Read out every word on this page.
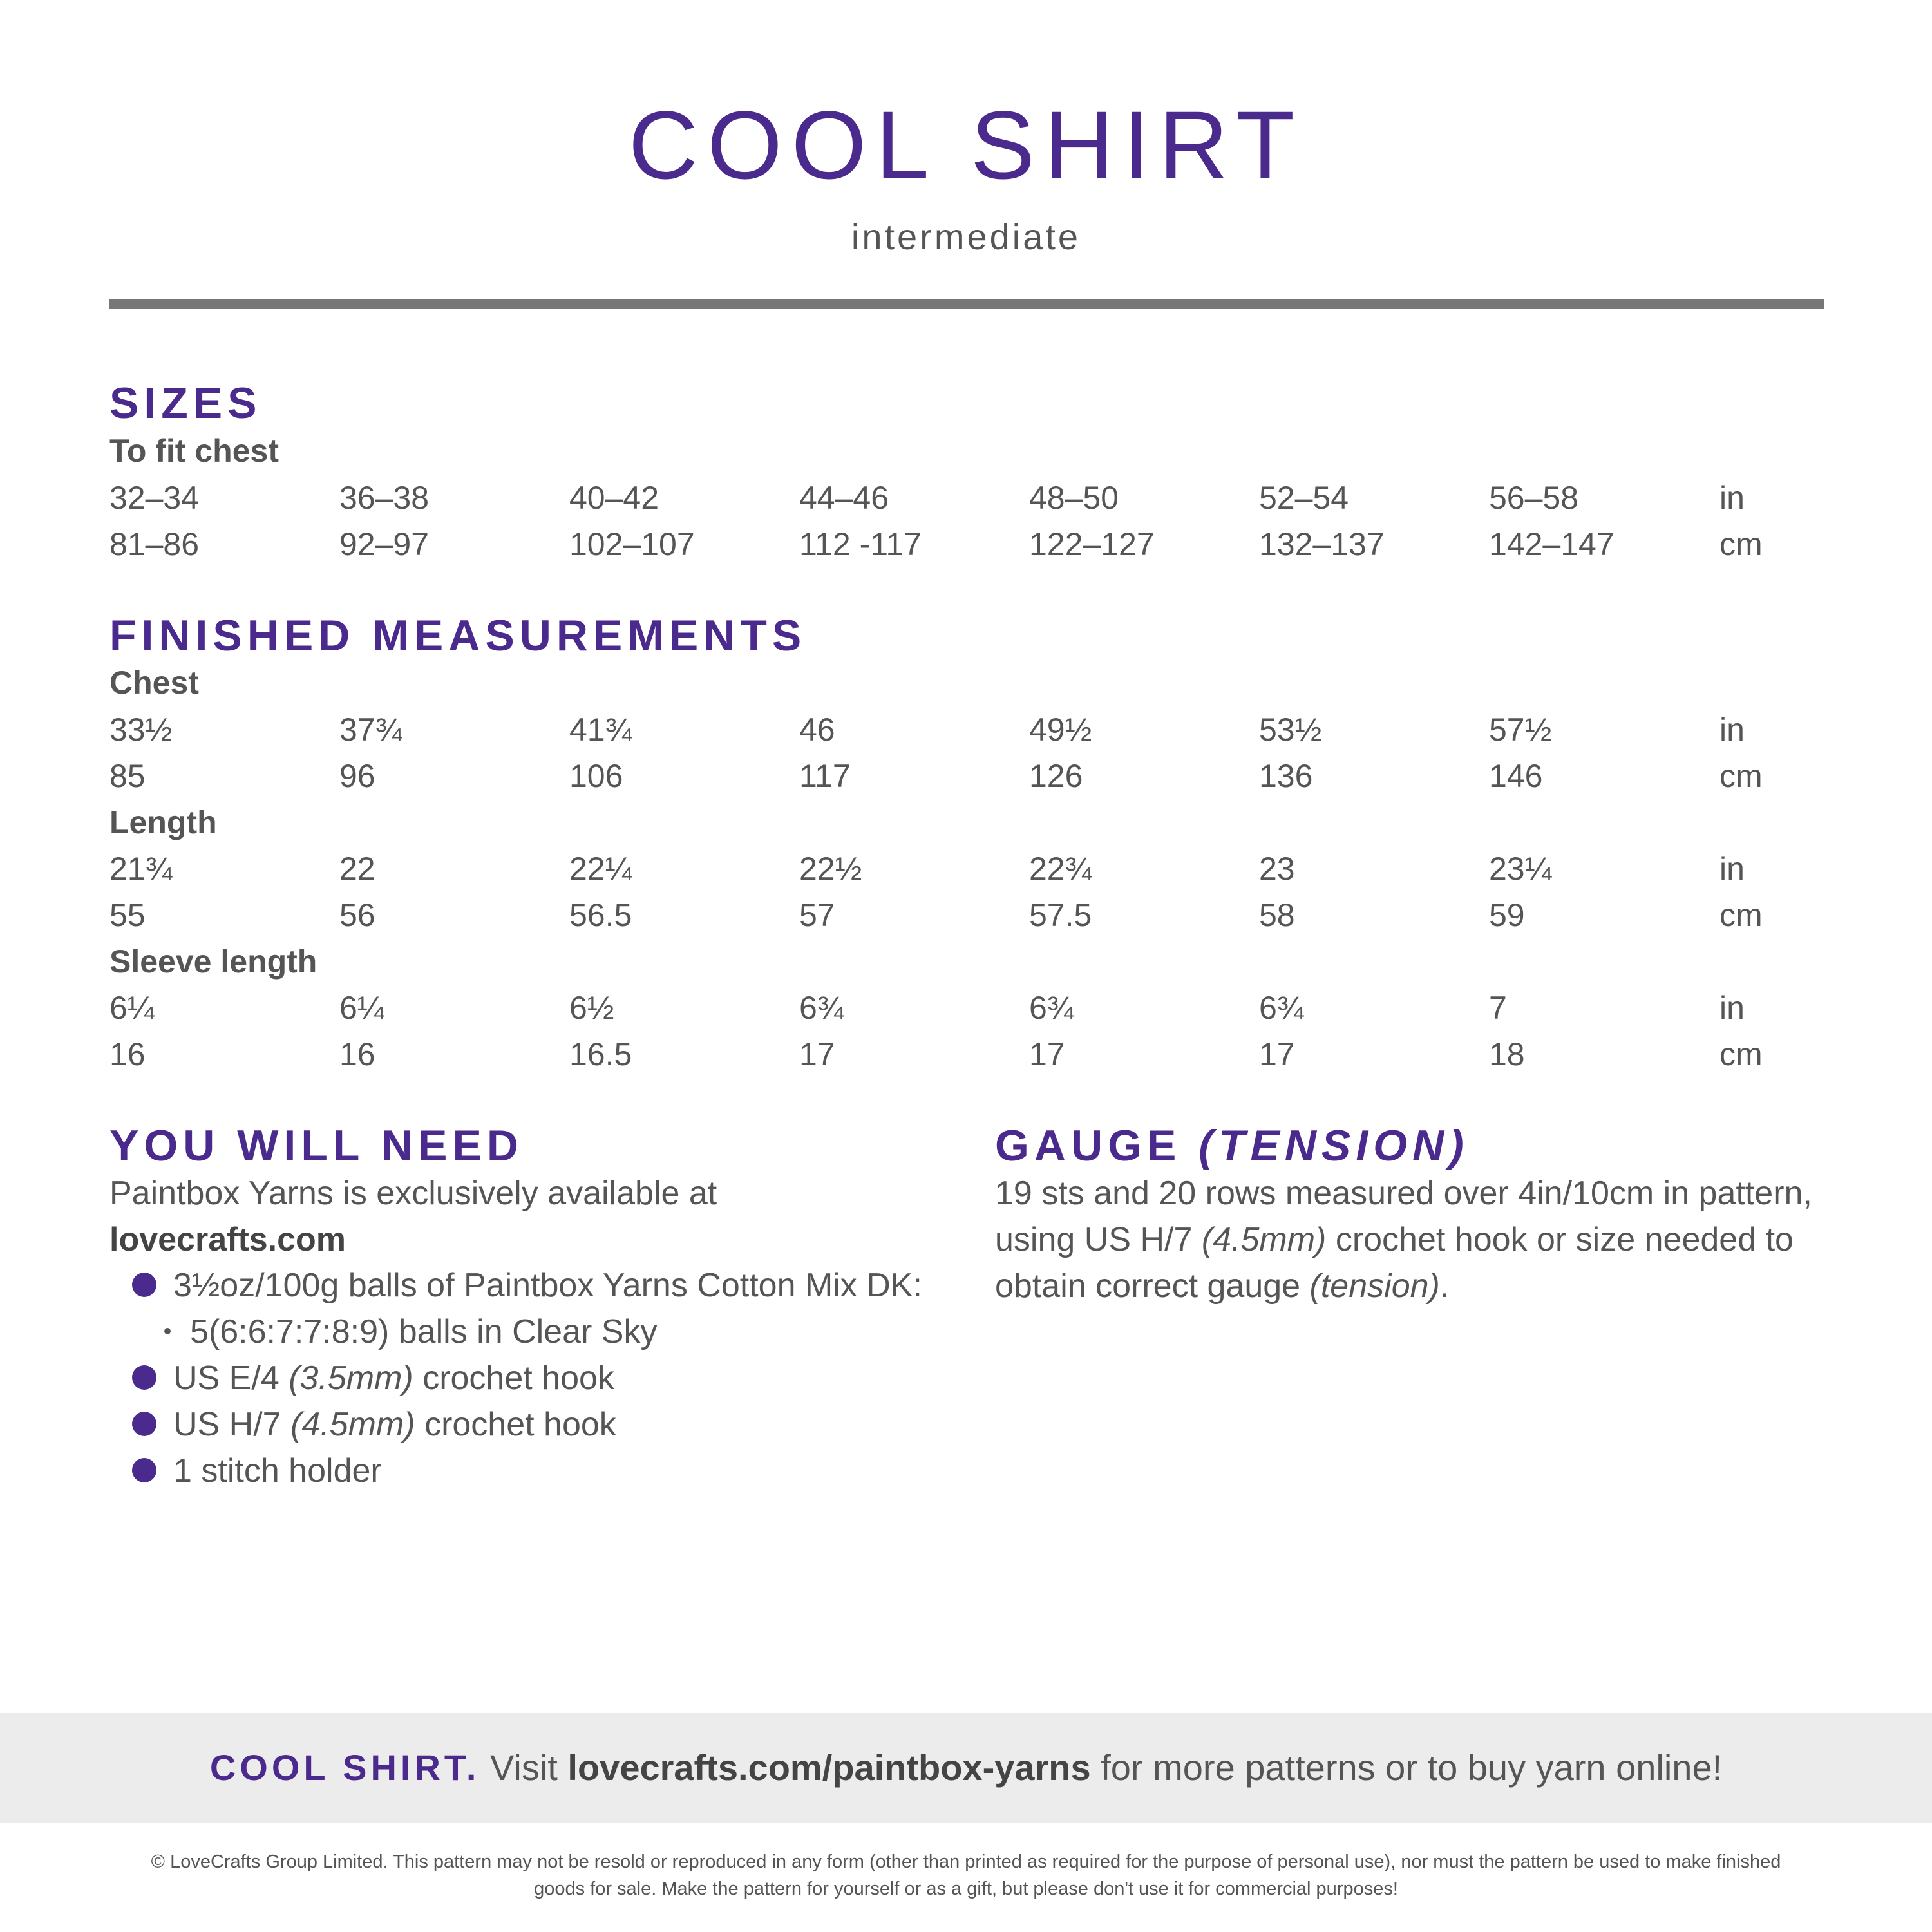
COOL SHIRT
intermediate
SIZES
To fit chest
32–34	36–38	40–42	44–46	48–50	52–54	56–58	in
81–86	92–97	102–107	112 -117	122–127	132–137	142–147	cm
FINISHED MEASUREMENTS
Chest
33½	37¾	41¾	46	49½	53½	57½	in
85	96	106	117	126	136	146	cm
Length
21¾	22	22¼	22½	22¾	23	23¼	in
55	56	56.5	57	57.5	58	59	cm
Sleeve length
6¼	6¼	6½	6¾	6¾	6¾	7	in
16	16	16.5	17	17	17	18	cm
YOU WILL NEED
Paintbox Yarns is exclusively available at lovecrafts.com
3½oz/100g balls of Paintbox Yarns Cotton Mix DK:
5(6:6:7:7:8:9) balls in Clear Sky
US E/4 (3.5mm) crochet hook
US H/7 (4.5mm) crochet hook
1 stitch holder
GAUGE (TENSION)
19 sts and 20 rows measured over 4in/10cm in pattern, using US H/7 (4.5mm) crochet hook or size needed to obtain correct gauge (tension).
COOL SHIRT. Visit lovecrafts.com/paintbox-yarns for more patterns or to buy yarn online!
© LoveCrafts Group Limited. This pattern may not be resold or reproduced in any form (other than printed as required for the purpose of personal use), nor must the pattern be used to make finished goods for sale. Make the pattern for yourself or as a gift, but please don't use it for commercial purposes!
